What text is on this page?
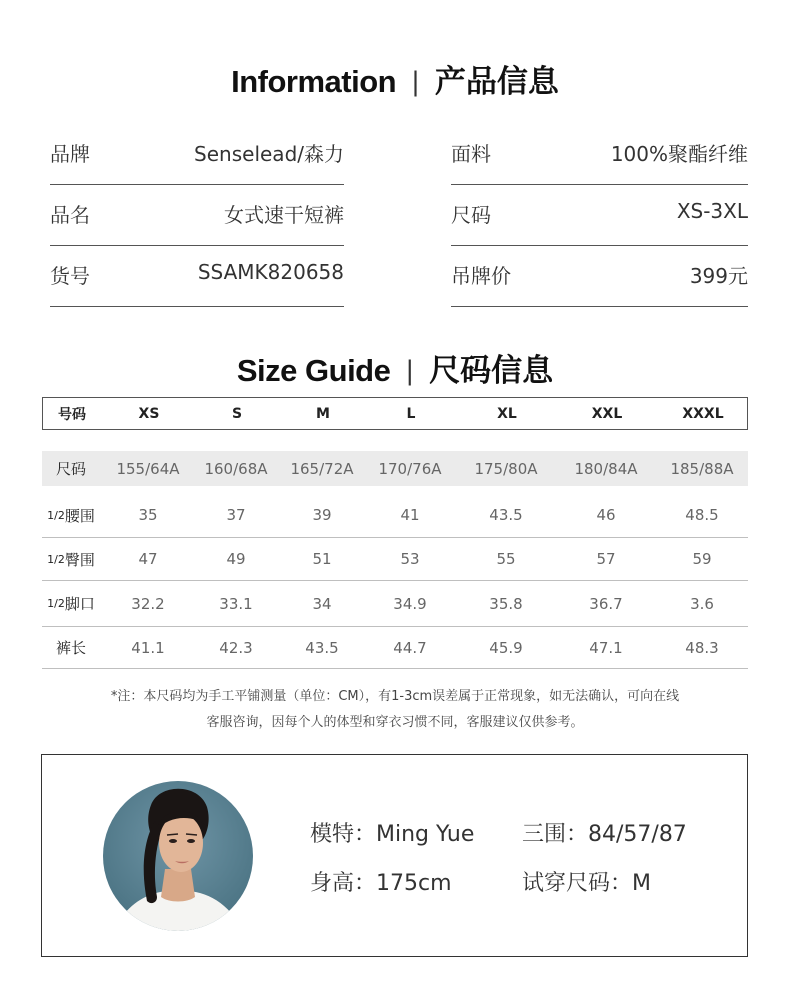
Information | 产品信息
品牌	Senselead/森力
品名	女式速干短裤
货号	SSAMK820658
面料	100%聚酯纤维
尺码	XS-3XL
吊牌价	399元
Size Guide | 尺码信息
号码	XS	S	M	L	XL	XXL	XXXL
尺码	155/64A	160/68A	165/72A	170/76A	175/80A	180/84A	185/88A
1/2 腰围	35	37	39	41	43.5	46	48.5
1/2 臀围	47	49	51	53	55	57	59
1/2 脚口	32.2	33.1	34	34.9	35.8	36.7	3.6
裤长	41.1	42.3	43.5	44.7	45.9	47.1	48.3
*注：本尺码均为手工平铺测量（单位：CM），有1-3cm误差属于正常现象，如无法确认，可向在线
客服咨询，因每个人的体型和穿衣习惯不同，客服建议仅供参考。
模特：Ming Yue 三围：84/57/87
身高：175cm	试穿尺码：M
